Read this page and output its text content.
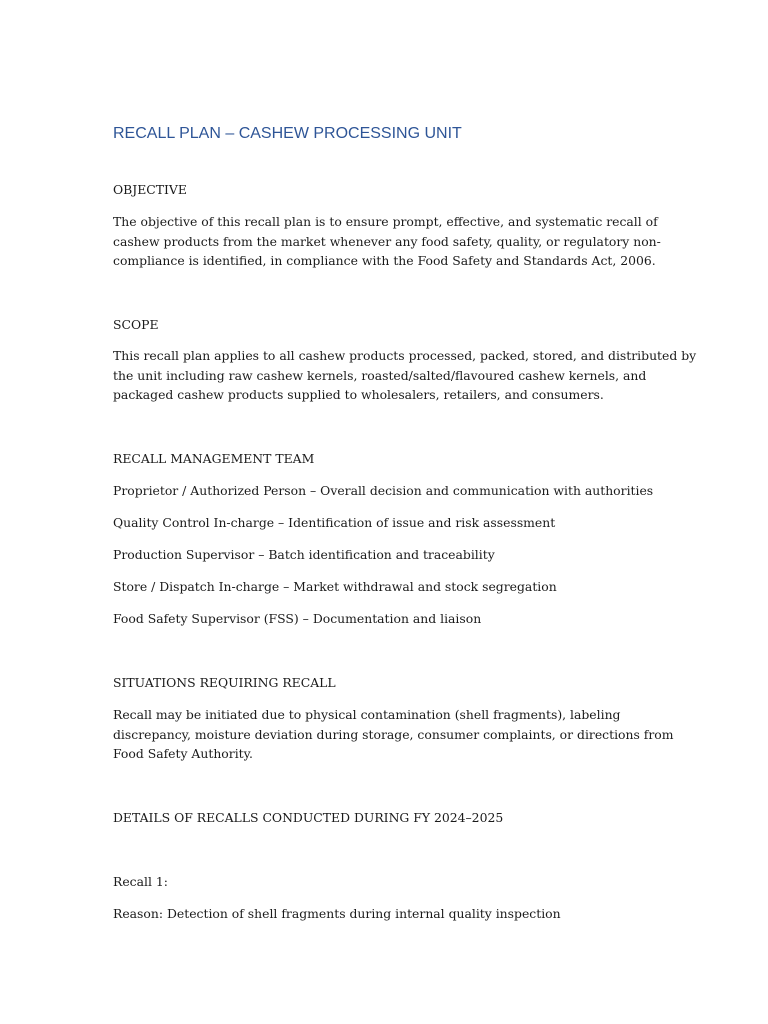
RECALL PLAN – CASHEW PROCESSING UNIT

OBJECTIVE

The objective of this recall plan is to ensure prompt, effective, and systematic recall of
cashew products from the market whenever any food safety, quality, or regulatory non-
compliance is identified, in compliance with the Food Safety and Standards Act, 2006.

SCOPE

This recall plan applies to all cashew products processed, packed, stored, and distributed by
the unit including raw cashew kernels, roasted/salted/flavoured cashew kernels, and
packaged cashew products supplied to wholesalers, retailers, and consumers.

RECALL MANAGEMENT TEAM

Proprietor / Authorized Person – Overall decision and communication with authorities

Quality Control In-charge – Identification of issue and risk assessment

Production Supervisor – Batch identification and traceability

Store / Dispatch In-charge – Market withdrawal and stock segregation

Food Safety Supervisor (FSS) – Documentation and liaison

SITUATIONS REQUIRING RECALL

Recall may be initiated due to physical contamination (shell fragments), labeling
discrepancy, moisture deviation during storage, consumer complaints, or directions from
Food Safety Authority.

DETAILS OF RECALLS CONDUCTED DURING FY 2024–2025

Recall 1:

Reason: Detection of shell fragments during internal quality inspection
